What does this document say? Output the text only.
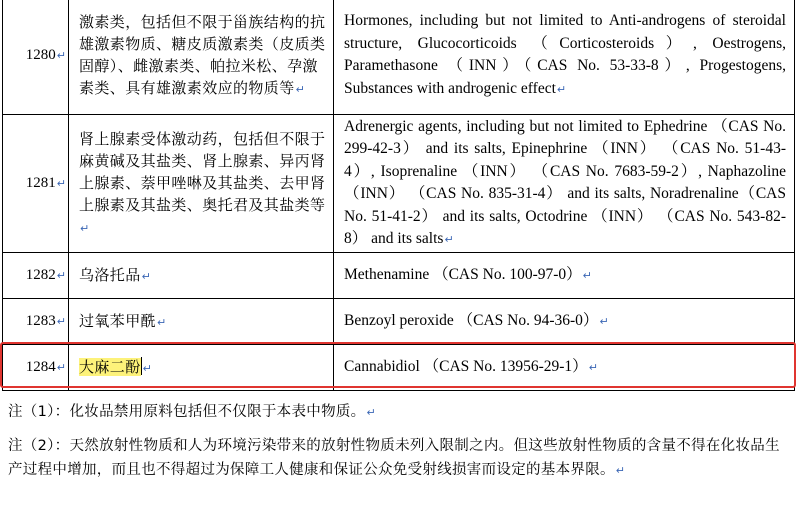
1280↵	激素类，包括但不限于甾族结构的抗雄激素物质、糖皮质激素类（皮质类固醇）、雌激素类、帕拉米松、孕激素类、具有雄激素效应的物质等↵	Hormones, including but not limited to Anti-androgens of steroidal structure, Glucocorticoids （Corticosteroids）, Oestrogens, Paramethasone （INN）（CAS No. 53-33-8）, Progestogens, Substances with androgenic effect↵
1281↵	肾上腺素受体激动药，包括但不限于麻黄碱及其盐类、肾上腺素、异丙肾上腺素、萘甲唑啉及其盐类、去甲肾上腺素及其盐类、奥托君及其盐类等↵	Adrenergic agents, including but not limited to Ephedrine （CAS No. 299-42-3） and its salts, Epinephrine （INN） （CAS No. 51-43-4）, Isoprenaline （INN） （CAS No. 7683-59-2）, Naphazoline （INN） （CAS No. 835-31-4） and its salts, Noradrenaline（CAS No. 51-41-2） and its salts, Octodrine （INN） （CAS No. 543-82-8） and its salts↵
1282↵	乌洛托品↵	Methenamine （CAS No. 100-97-0）↵
1283↵	过氧苯甲酰↵	Benzoyl peroxide （CAS No. 94-36-0）↵
1284↵	大麻二酚 ↵	Cannabidiol （CAS No. 13956-29-1）↵
注（1）：化妆品禁用原料包括但不仅限于本表中物质。↵
注（2）：天然放射性物质和人为环境污染带来的放射性物质未列入限制之内。但这些放射性物质的含量不得在化妆品生产过程中增加，而且也不得超过为保障工人健康和保证公众免受射线损害而设定的基本界限。↵
